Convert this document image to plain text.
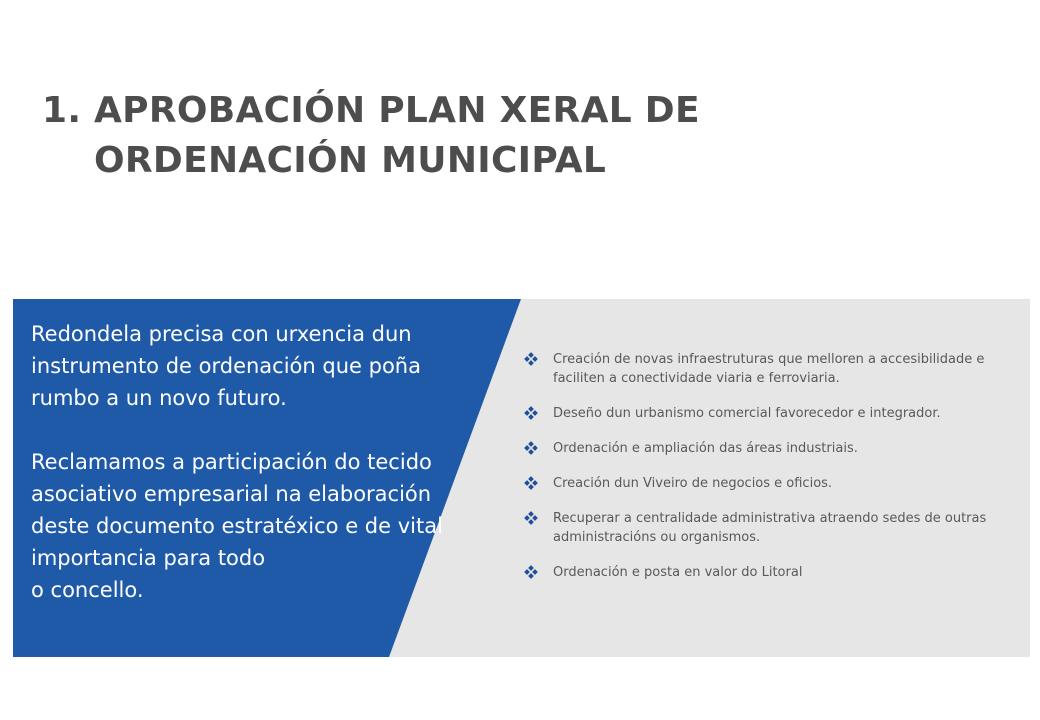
1. APROBACIÓN PLAN XERAL DE ORDENACIÓN MUNICIPAL

Redondela precisa con urxencia dun instrumento de ordenación que poña rumbo a un novo futuro.

Reclamamos a participación do tecido asociativo empresarial na elaboración deste documento estratéxico e de vital importancia para todo
o concello.

Creación de novas infraestruturas que melloren a accesibilidade e faciliten a conectividade viaria e ferroviaria.
Deseño dun urbanismo comercial favorecedor e integrador.
Ordenación e ampliación das áreas industriais.
Creación dun Viveiro de negocios e oficios.
Recuperar a centralidade administrativa atraendo sedes de outras administracións ou organismos.
Ordenación e posta en valor do Litoral
